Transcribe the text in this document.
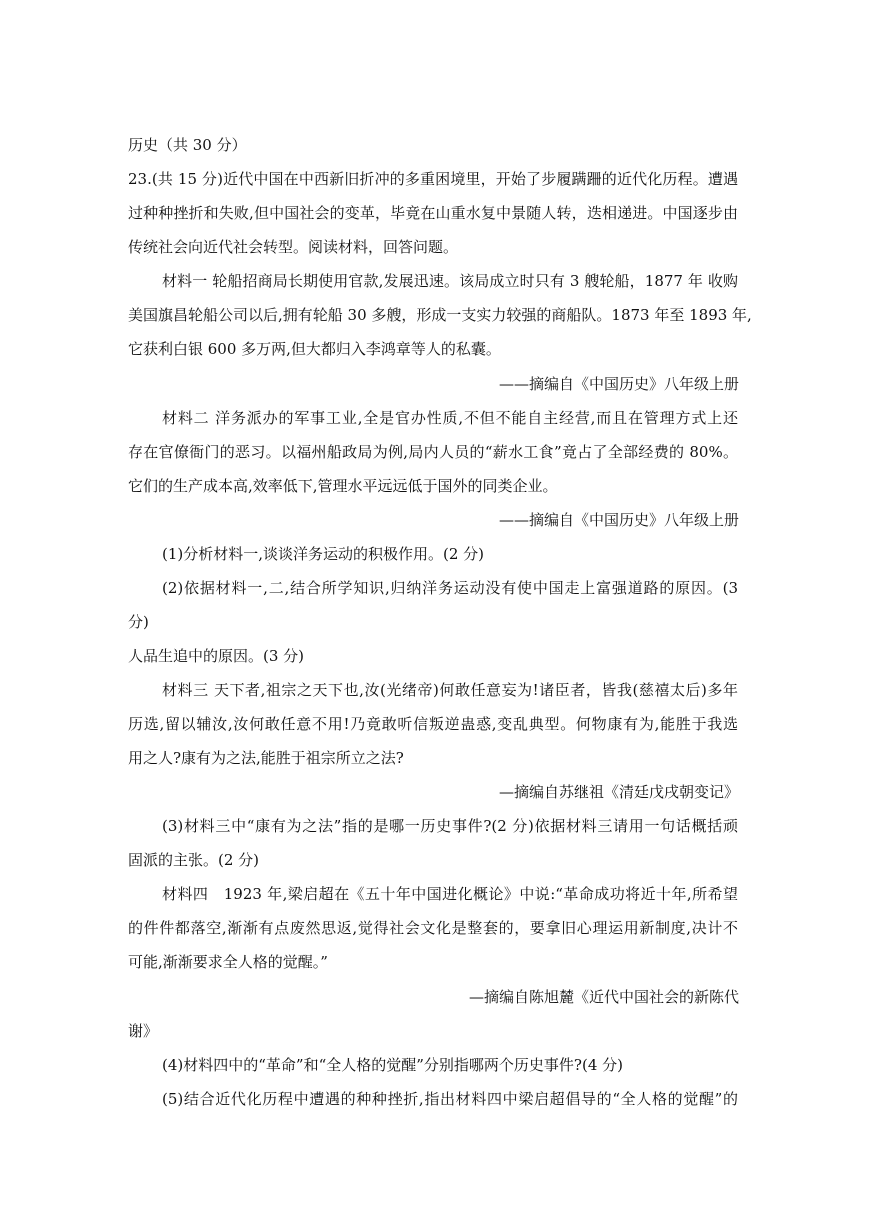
历史（共 30 分）
23.(共 15 分)近代中国在中西新旧折冲的多重困境里，开始了步履蹒跚的近代化历程。遭遇
过种种挫折和失败,但中国社会的变革，毕竟在山重水复中景随人转，迭相递进。中国逐步由
传统社会向近代社会转型。阅读材料，回答问题。
材料一 轮船招商局长期使用官款,发展迅速。该局成立时只有 3 艘轮船，1877 年 收购
美国旗昌轮船公司以后,拥有轮船 30 多艘，形成一支实力较强的商船队。1873 年至 1893 年,
它获利白银 600 多万两,但大都归入李鸿章等人的私囊。
——摘编自《中国历史》八年级上册
材料二 洋务派办的军事工业,全是官办性质,不但不能自主经营,而且在管理方式上还
存在官僚衙门的恶习。以福州船政局为例,局内人员的“薪水工食”竟占了全部经费的 80%。
它们的生产成本高,效率低下,管理水平远远低于国外的同类企业。
——摘编自《中国历史》八年级上册
(1)分析材料一,谈谈洋务运动的积极作用。(2 分)
(2)依据材料一,二,结合所学知识,归纳洋务运动没有使中国走上富强道路的原因。(3
分)
人品生追中的原因。(3 分)
材料三 天下者,祖宗之天下也,汝(光绪帝)何敢任意妄为!诸臣者，皆我(慈禧太后)多年
历选,留以辅汝,汝何敢任意不用!乃竟敢听信叛逆蛊惑,变乱典型。何物康有为,能胜于我选
用之人?康有为之法,能胜于祖宗所立之法?
—摘编自苏继祖《清廷戊戌朝变记》
(3)材料三中“康有为之法”指的是哪一历史事件?(2 分)依据材料三请用一句话概括顽
固派的主张。(2 分)
材料四　1923 年,梁启超在《五十年中国进化概论》中说:“革命成功将近十年,所希望
的件件都落空,渐渐有点废然思返,觉得社会文化是整套的，要拿旧心理运用新制度,决计不
可能,渐渐要求全人格的觉醒。”
—摘编自陈旭麓《近代中国社会的新陈代
谢》
(4)材料四中的“革命”和“全人格的觉醒”分别指哪两个历史事件?(4 分)
(5)结合近代化历程中遭遇的种种挫折,指出材料四中梁启超倡导的“全人格的觉醒”的
